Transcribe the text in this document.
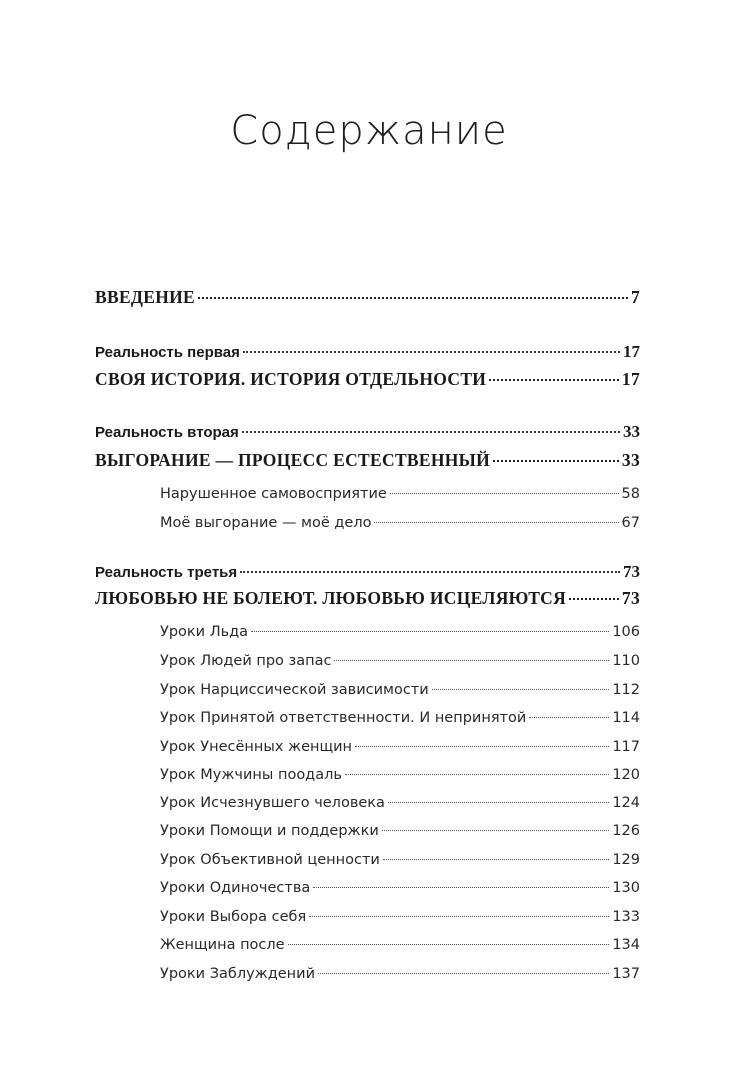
Содержание
ВВЕДЕНИЕ	7
Реальность первая	17
СВОЯ ИСТОРИЯ. ИСТОРИЯ ОТДЕЛЬНОСТИ	17
Реальность вторая	33
ВЫГОРАНИЕ — ПРОЦЕСС ЕСТЕСТВЕННЫЙ	33
Нарушенное самовосприятие	58
Моё выгорание — моё дело	67
Реальность третья	73
ЛЮБОВЬЮ НЕ БОЛЕЮТ. ЛЮБОВЬЮ ИСЦЕЛЯЮТСЯ	73
Уроки Льда	106
Урок Людей про запас	110
Урок Нарциссической зависимости	112
Урок Принятой ответственности. И непринятой	114
Урок Унесённых женщин	117
Урок Мужчины поодаль	120
Урок Исчезнувшего человека	124
Уроки Помощи и поддержки	126
Урок Объективной ценности	129
Уроки Одиночества	130
Уроки Выбора себя	133
Женщина после	134
Уроки Заблуждений	137
